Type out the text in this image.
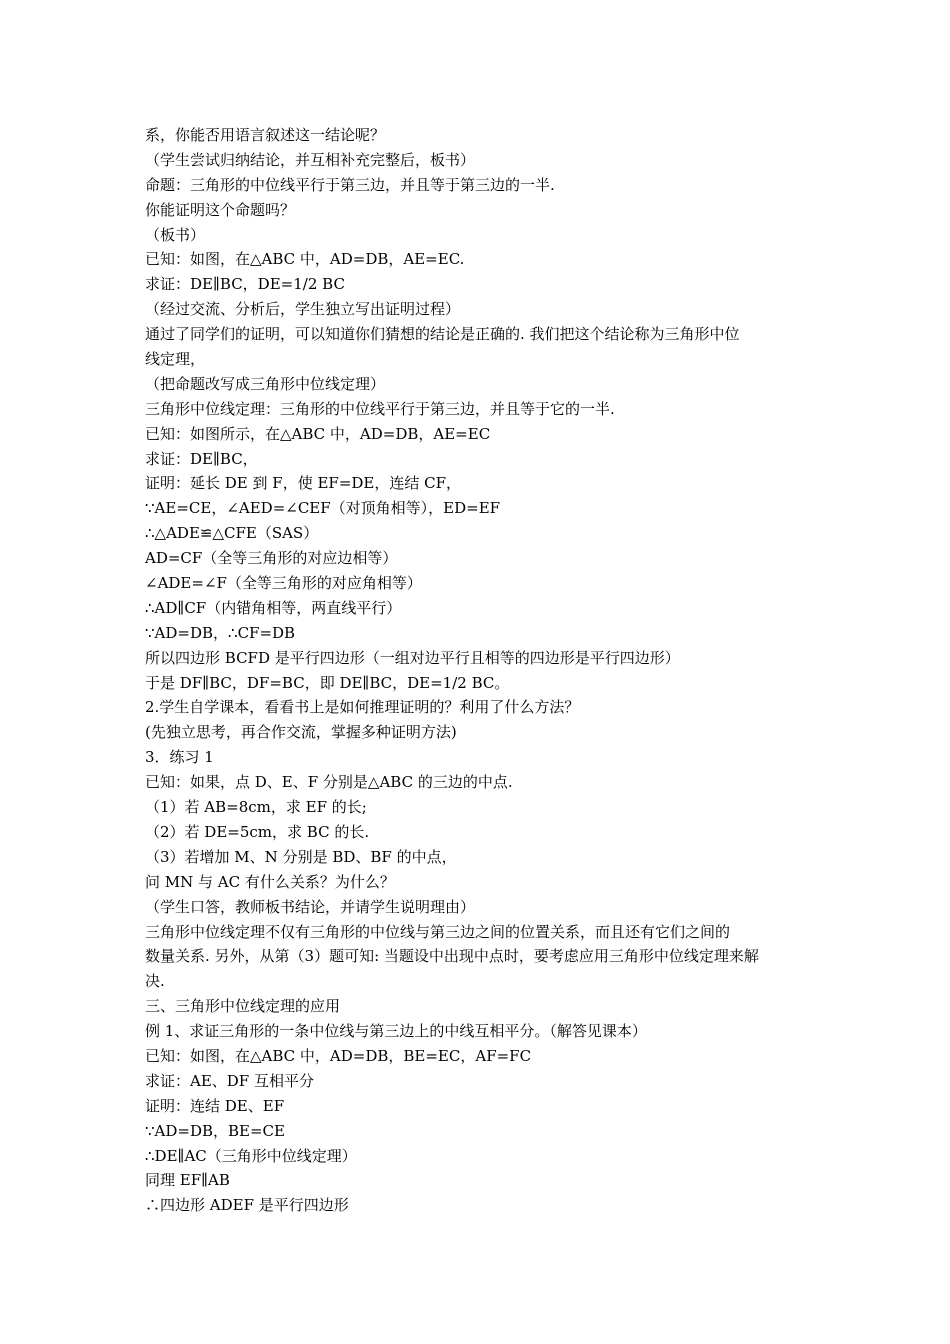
系，你能否用语言叙述这一结论呢？
（学生尝试归纳结论，并互相补充完整后，板书）
命题：三角形的中位线平行于第三边，并且等于第三边的一半.
你能证明这个命题吗？
（板书）
已知：如图，在△ABC 中，AD=DB，AE=EC.
求证：DE∥BC，DE=1/2 BC
（经过交流、分析后，学生独立写出证明过程）
通过了同学们的证明，可以知道你们猜想的结论是正确的. 我们把这个结论称为三角形中位
线定理，
（把命题改写成三角形中位线定理）
三角形中位线定理：三角形的中位线平行于第三边，并且等于它的一半.
已知：如图所示，在△ABC 中，AD=DB，AE=EC
求证：DE∥BC，
证明：延长 DE 到 F，使 EF=DE，连结 CF，
∵AE=CE，∠AED=∠CEF（对顶角相等），ED=EF
∴△ADE≌△CFE（SAS）
AD=CF（全等三角形的对应边相等）
∠ADE=∠F（全等三角形的对应角相等）
∴AD∥CF（内错角相等，两直线平行）
∵AD=DB，∴CF=DB
所以四边形 BCFD 是平行四边形（一组对边平行且相等的四边形是平行四边形）
于是 DF∥BC，DF=BC，即 DE∥BC，DE=1/2 BC。
2.学生自学课本，看看书上是如何推理证明的？利用了什么方法？
(先独立思考，再合作交流，掌握多种证明方法)
3．练习 1
已知：如果，点 D、E、F 分别是△ABC 的三边的中点.
（1）若 AB=8cm，求 EF 的长;
（2）若 DE=5cm，求 BC 的长.
（3）若增加 M、N 分别是 BD、BF 的中点，
问 MN 与 AC 有什么关系？为什么？
（学生口答，教师板书结论，并请学生说明理由）
三角形中位线定理不仅有三角形的中位线与第三边之间的位置关系，而且还有它们之间的
数量关系. 另外，从第（3）题可知: 当题设中出现中点时，要考虑应用三角形中位线定理来解
决.
三、三角形中位线定理的应用
例 1、求证三角形的一条中位线与第三边上的中线互相平分。（解答见课本）
已知：如图，在△ABC 中，AD=DB，BE=EC，AF=FC
求证：AE、DF 互相平分
证明：连结 DE、EF
∵AD=DB，BE=CE
∴DE∥AC（三角形中位线定理）
同理 EF∥AB
∴四边形 ADEF 是平行四边形
